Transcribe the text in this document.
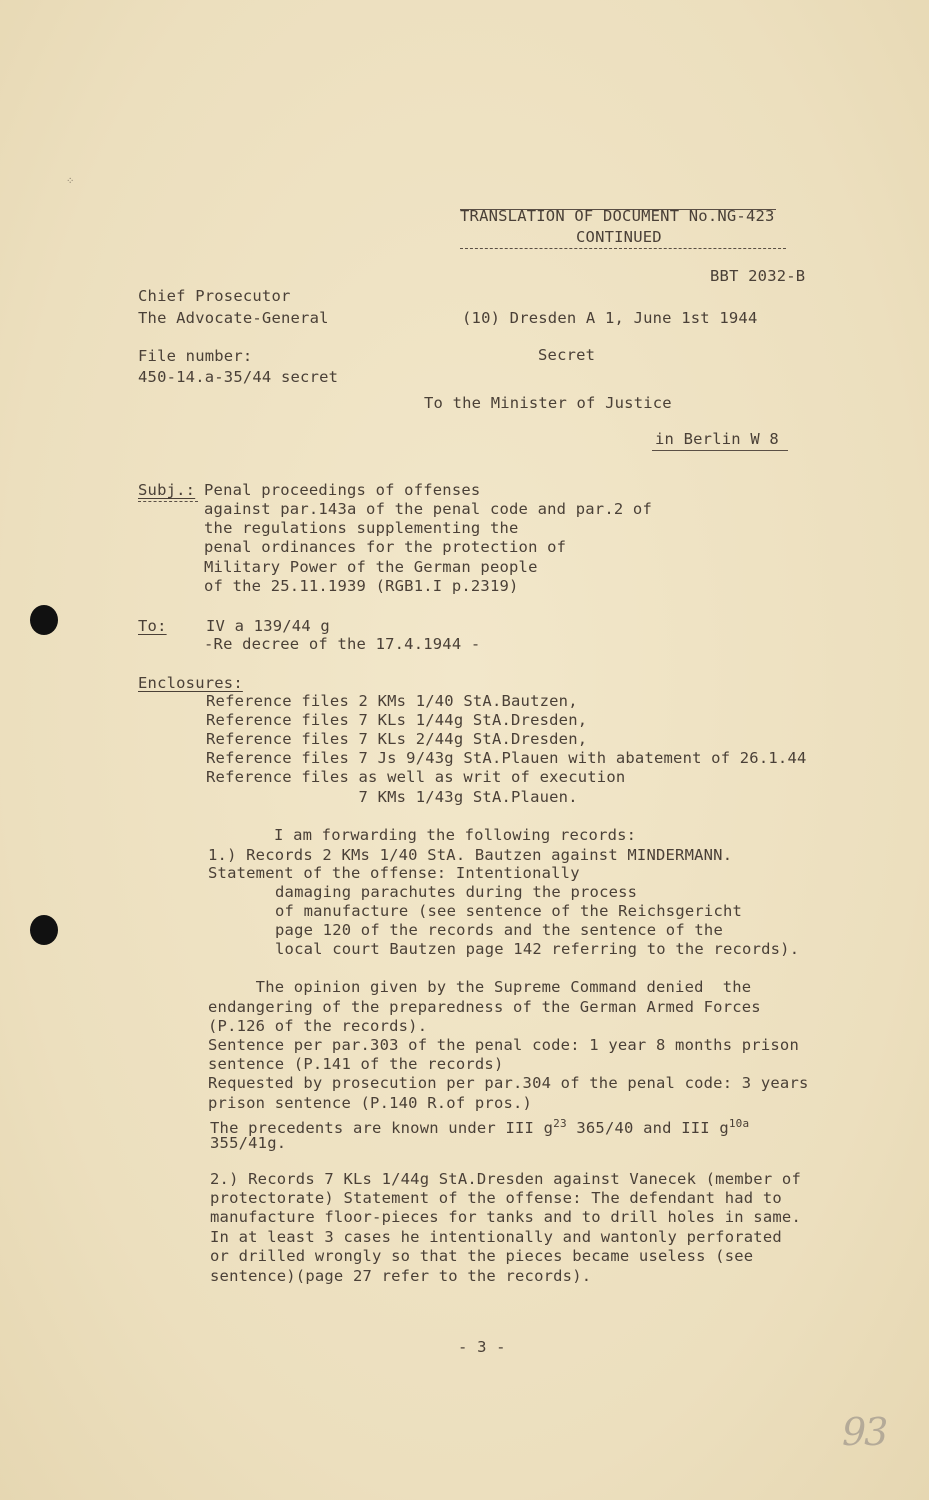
⁘
TRANSLATION OF DOCUMENT No.NG-423
CONTINUED
BBT 2032-B
Chief Prosecutor
The Advocate-General	(10) Dresden A 1, June 1st 1944
File number:	Secret
450-14.a-35/44 secret
To the Minister of Justice
in Berlin W 8
Subj.: Penal proceedings of offenses
against par.143a of the penal code and par.2 of
the regulations supplementing the
penal ordinances for the protection of
Military Power of the German people
of the 25.11.1939 (RGB1.I p.2319)
To:	IV a 139/44 g
-Re decree of the 17.4.1944 -
Enclosures:
Reference files 2 KMs 1/40 StA.Bautzen,
Reference files 7 KLs 1/44g StA.Dresden,
Reference files 7 KLs 2/44g StA.Dresden,
Reference files 7 Js 9/43g StA.Plauen with abatement of 26.1.44
Reference files as well as writ of execution
7 KMs 1/43g StA.Plauen.
I am forwarding the following records:
1.) Records 2 KMs 1/40 StA. Bautzen against MINDERMANN.
Statement of the offense: Intentionally
damaging parachutes during the process
of manufacture (see sentence of the Reichsgericht
page 120 of the records and the sentence of the
local court Bautzen page 142 referring to the records).
The opinion given by the Supreme Command denied  the
endangering of the preparedness of the German Armed Forces
(P.126 of the records).
Sentence per par.303 of the penal code: 1 year 8 months prison
sentence (P.141 of the records)
Requested by prosecution per par.304 of the penal code: 3 years
prison sentence (P.140 R.of pros.)
The precedents are known under III $g^{23}$ 365/40 and III $g^{10a}$
355/41g.
2.) Records 7 KLs 1/44g StA.Dresden against Vanecek (member of
protectorate) Statement of the offense: The defendant had to
manufacture floor-pieces for tanks and to drill holes in same.
In at least 3 cases he intentionally and wantonly perforated
or drilled wrongly so that the pieces became useless (see
sentence)(page 27 refer to the records).
- 3 -
93
